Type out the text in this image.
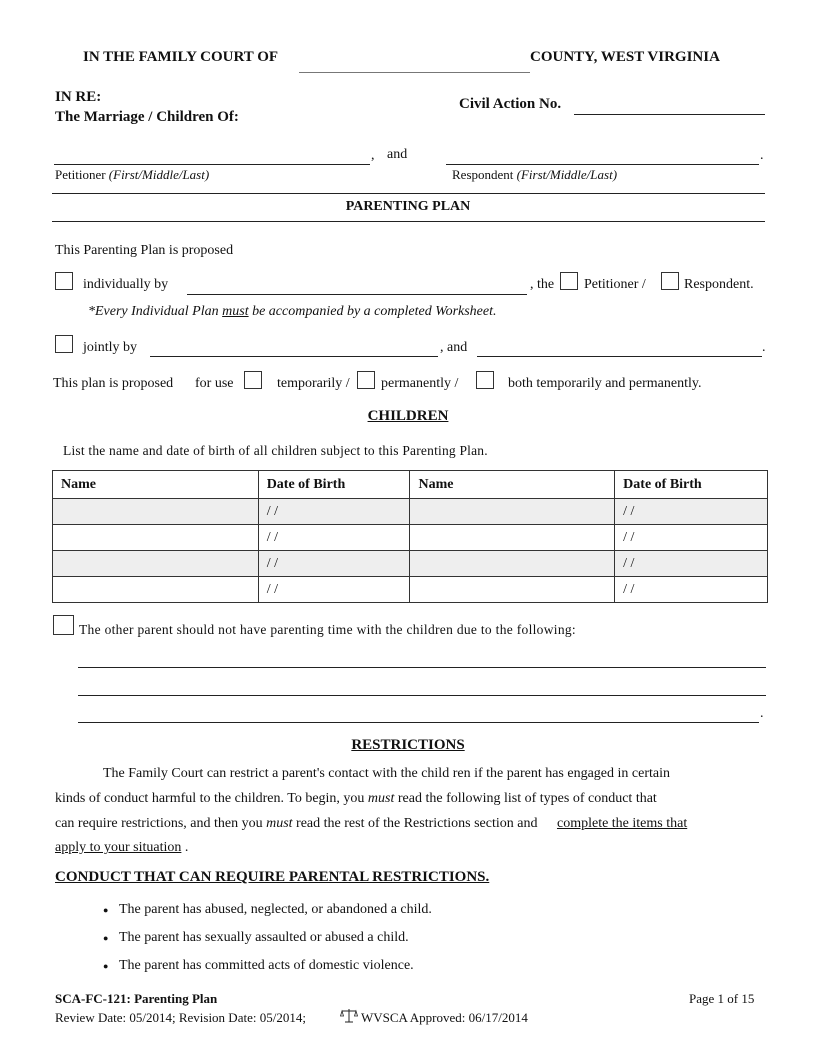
IN THE FAMILY COURT OF	COUNTY, WEST VIRGINIA
IN RE:
The Marriage / Children Of:
Civil Action No.
, and	.
Petitioner (First/Middle/Last)	Respondent (First/Middle/Last)
PARENTING PLAN
This Parenting Plan is proposed
individually by	, the Petitioner /	Respondent.
*Every Individual Plan must be accompanied by a completed Worksheet.
jointly by	, and	.
This plan is proposed for use	temporarily / permanently /	both temporarily and permanently.
CHILDREN
List the name and date of birth of all children subject to this Parenting Plan.
Name	Date of Birth	Name	Date of Birth
	/ /		/ /
	/ /		/ /
	/ /		/ /
	/ /		/ /
The other parent should not have parenting time with the children due to the following:
.
RESTRICTIONS
The Family Court can restrict a parent's contact with the child ren if the parent has engaged in certain
kinds of conduct harmful to the children. To begin, you must read the following list of types of conduct that
can require restrictions, and then you must read the rest of the Restrictions section and complete the items that
apply to your situation .
CONDUCT THAT CAN REQUIRE PARENTAL RESTRICTIONS.
● The parent has abused, neglected, or abandoned a child.
● The parent has sexually assaulted or abused a child.
● The parent has committed acts of domestic violence.
SCA-FC-121: Parenting Plan	Page 1 of 15
Review Date: 05/2014; Revision Date: 05/2014;	WVSCA Approved: 06/17/2014
